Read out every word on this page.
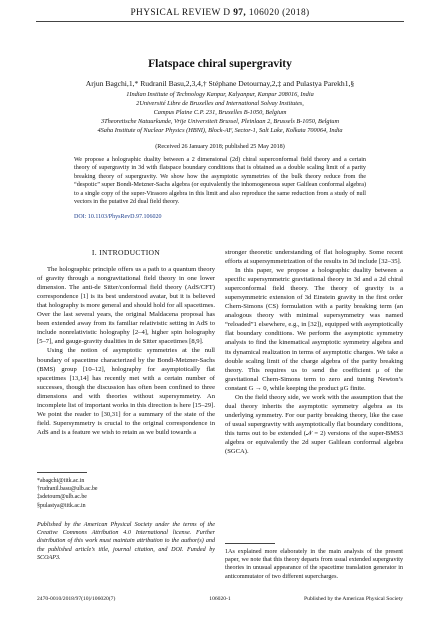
PHYSICAL REVIEW D 97, 106020 (2018)
Flatspace chiral supergravity
Arjun Bagchi,1,* Rudranil Basu,2,3,4,† Stéphane Detournay,2,‡ and Pulastya Parekh1,§
1Indian Institute of Technology Kanpur, Kalyanpur, Kanpur 208016, India
2Université Libre de Bruxelles and International Solvay Institutes,
Campus Plaine C.P. 231, Bruxelles B-1050, Belgium
3Theoretische Natuurkunde, Vrije Universiteit Brussel, Pleinlaan 2, Brussels B-1050, Belgium
4Saha Institute of Nuclear Physics (HBNI), Block-AF, Sector-1, Salt Lake, Kolkata 700064, India
(Received 26 January 2018; published 25 May 2018)
We propose a holographic duality between a 2 dimensional (2d) chiral superconformal field theory and a certain theory of supergravity in 3d with flatspace boundary conditions that is obtained as a double scaling limit of a parity breaking theory of supergravity. We show how the asymptotic symmetries of the bulk theory reduce from the “despotic” super Bondi-Metzner-Sachs algebra (or equivalently the inhomogeneous super Galilean conformal algebra) to a single copy of the super-Virasoro algebra in this limit and also reproduce the same reduction from a study of null vectors in the putative 2d dual field theory.
DOI: 10.1103/PhysRevD.97.106020
I. INTRODUCTION

The holographic principle offers us a path to a quantum theory of gravity through a nongravitational field theory in one lower dimension. The anti-de Sitter/conformal field theory (AdS/CFT) correspondence [1] is its best understood avatar, but it is believed that holography is more general and should hold for all spacetimes. Over the last several years, the original Maldacena proposal has been extended away from its familiar relativistic setting in AdS to include nonrelativistic holography [2–4], higher spin holography [5–7], and gauge-gravity dualities in de Sitter spacetimes [8,9].

Using the notion of asymptotic symmetries at the null boundary of spacetime characterized by the Bondi-Metzner-Sachs (BMS) group [10–12], holography for asymptotically flat spacetimes [13,14] has recently met with a certain number of successes, though the discussion has often been confined to three dimensions and with theories without supersymmetry. An incomplete list of important works in this direction is here [15–29]. We point the reader to [30,31] for a summary of the state of the field. Supersymmetry is crucial to the original correspondence in AdS and is a feature we wish to retain as we build towards a

stronger theoretic understanding of flat holography. Some recent efforts at supersymmetrization of the results in 3d include [32–35].

In this paper, we propose a holographic duality between a specific supersymmetric gravitational theory in 3d and a 2d chiral superconformal field theory. The theory of gravity is a supersymmetric extension of 3d Einstein gravity in the first order Chern-Simons (CS) formulation with a parity breaking term (an analogous theory with minimal supersymmetry was named “reloaded”1 elsewhere, e.g., in [32]), equipped with asymptotically flat boundary conditions. We perform the asymptotic symmetry analysis to find the kinematical asymptotic symmetry algebra and its dynamical realization in terms of asymptotic charges. We take a double scaling limit of the charge algebra of the parity breaking theory. This requires us to send the coefficient μ of the gravitational Chern-Simons term to zero and tuning Newton’s constant G → 0, while keeping the product μG finite.

On the field theory side, we work with the assumption that the dual theory inherits the asymptotic symmetry algebra as its underlying symmetry. For our parity breaking theory, like the case of usual supergravity with asymptotically flat boundary conditions, this turns out to be extended (𝒩 = 2) versions of the super-BMS3 algebra or equivalently the 2d super Galilean conformal algebra (SGCA).

*abagchi@iitk.ac.in
†rudranil.basu@ulb.ac.be
‡sdetourn@ulb.ac.be
§pulastya@iitk.ac.in
Published by the American Physical Society under the terms of the Creative Commons Attribution 4.0 International license. Further distribution of this work must maintain attribution to the author(s) and the published article’s title, journal citation, and DOI. Funded by SCOAP3.
1As explained more elaborately in the main analysis of the present paper, we note that this theory departs from usual extended supergravity theories in unusual appearance of the spacetime translation generator in anticommutator of two different supercharges.
2470-0010/2018/97(10)/106020(7)	106020-1	Published by the American Physical Society
